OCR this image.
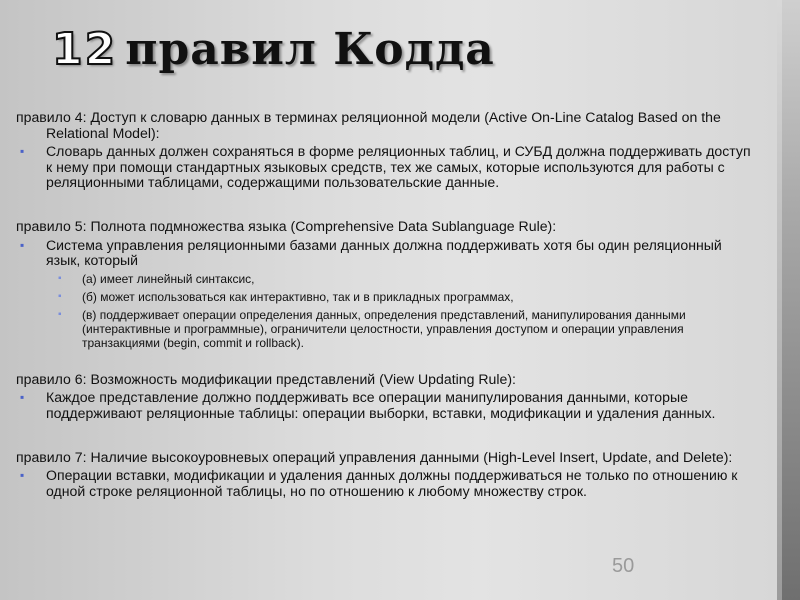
12 правил Кодда

правило 4: Доступ к словарю данных в терминах реляционной модели (Active On-Line Catalog Based on the Relational Model):

▪ Словарь данных должен сохраняться в форме реляционных таблиц, и СУБД должна поддерживать доступ к нему при помощи стандартных языковых средств, тех же самых, которые используются для работы с реляционными таблицами, содержащими пользовательские данные.

правило 5: Полнота подмножества языка (Comprehensive Data Sublanguage Rule):

▪ Система управления реляционными базами данных должна поддерживать хотя бы один реляционный язык, который

▪ (а) имеет линейный синтаксис,
▪ (б) может использоваться как интерактивно, так и в прикладных программах,
▪ (в) поддерживает операции определения данных, определения представлений, манипулирования данными (интерактивные и программные), ограничители целостности, управления доступом и операции управления транзакциями (begin, commit и rollback).

правило 6: Возможность модификации представлений (View Updating Rule):

▪ Каждое представление должно поддерживать все операции манипулирования данными, которые поддерживают реляционные таблицы: операции выборки, вставки, модификации и удаления данных.

правило 7: Наличие высокоуровневых операций управления данными (High-Level Insert, Update, and Delete):

▪ Операции вставки, модификации и удаления данных должны поддерживаться не только по отношению к одной строке реляционной таблицы, но по отношению к любому множеству строк.

50
